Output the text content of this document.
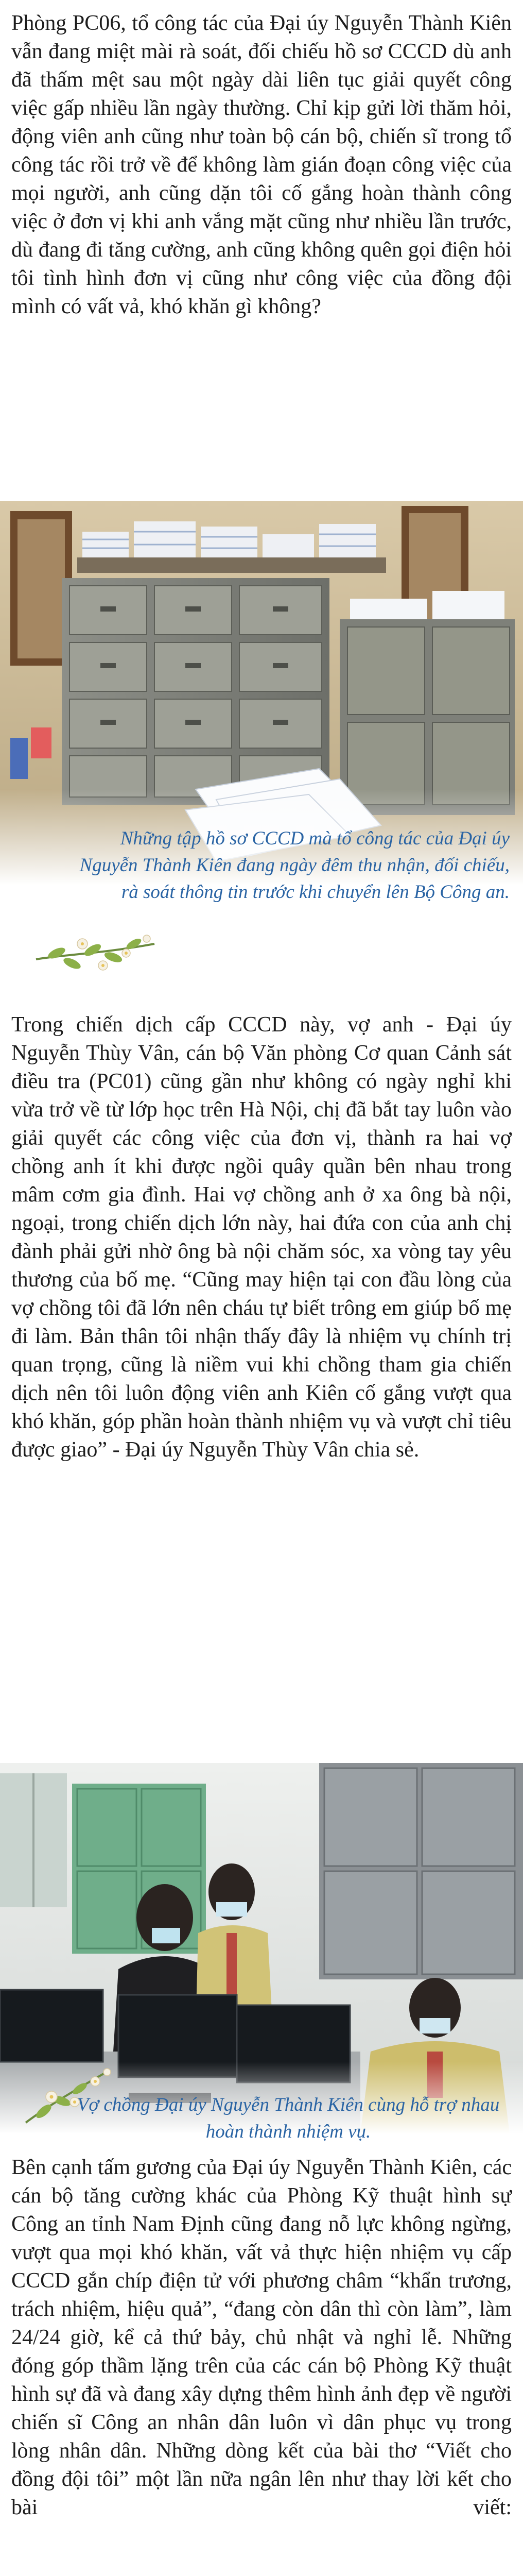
Phòng PC06, tổ công tác của Đại úy Nguyễn Thành Kiên vẫn đang miệt mài rà soát, đối chiếu hồ sơ CCCD dù anh đã thấm mệt sau một ngày dài liên tục giải quyết công việc gấp nhiều lần ngày thường. Chỉ kịp gửi lời thăm hỏi, động viên anh cũng như toàn bộ cán bộ, chiến sĩ trong tổ công tác rồi trở về để không làm gián đoạn công việc của mọi người, anh cũng dặn tôi cố gắng hoàn thành công việc ở đơn vị khi anh vắng mặt cũng như nhiều lần trước, dù đang đi tăng cường, anh cũng không quên gọi điện hỏi tôi tình hình đơn vị cũng như công việc của đồng đội mình có vất vả, khó khăn gì không?

Những tập hồ sơ CCCD mà tổ công tác của Đại úy Nguyễn Thành Kiên đang ngày đêm thu nhận, đối chiếu, rà soát thông tin trước khi chuyển lên Bộ Công an.

Trong chiến dịch cấp CCCD này, vợ anh - Đại úy Nguyễn Thùy Vân, cán bộ Văn phòng Cơ quan Cảnh sát điều tra (PC01) cũng gần như không có ngày nghỉ khi vừa trở về từ lớp học trên Hà Nội, chị đã bắt tay luôn vào giải quyết các công việc của đơn vị, thành ra hai vợ chồng anh ít khi được ngồi quây quần bên nhau trong mâm cơm gia đình. Hai vợ chồng anh ở xa ông bà nội, ngoại, trong chiến dịch lớn này, hai đứa con của anh chị đành phải gửi nhờ ông bà nội chăm sóc, xa vòng tay yêu thương của bố mẹ. “Cũng may hiện tại con đầu lòng của vợ chồng tôi đã lớn nên cháu tự biết trông em giúp bố mẹ đi làm. Bản thân tôi nhận thấy đây là nhiệm vụ chính trị quan trọng, cũng là niềm vui khi chồng tham gia chiến dịch nên tôi luôn động viên anh Kiên cố gắng vượt qua khó khăn, góp phần hoàn thành nhiệm vụ và vượt chỉ tiêu được giao” - Đại úy Nguyễn Thùy Vân chia sẻ.

Vợ chồng Đại úy Nguyễn Thành Kiên cùng hỗ trợ nhau hoàn thành nhiệm vụ.

Bên cạnh tấm gương của Đại úy Nguyễn Thành Kiên, các cán bộ tăng cường khác của Phòng Kỹ thuật hình sự Công an tỉnh Nam Định cũng đang nỗ lực không ngừng, vượt qua mọi khó khăn, vất vả thực hiện nhiệm vụ cấp CCCD gắn chíp điện tử với phương châm “khẩn trương, trách nhiệm, hiệu quả”, “đang còn dân thì còn làm”, làm 24/24 giờ, kể cả thứ bảy, chủ nhật và nghỉ lễ. Những đóng góp thầm lặng trên của các cán bộ Phòng Kỹ thuật hình sự đã và đang xây dựng thêm hình ảnh đẹp về người chiến sĩ Công an nhân dân luôn vì dân phục vụ trong lòng nhân dân. Những dòng kết của bài thơ “Viết cho đồng đội tôi” một lần nữa ngân lên như thay lời kết cho bài viết:
